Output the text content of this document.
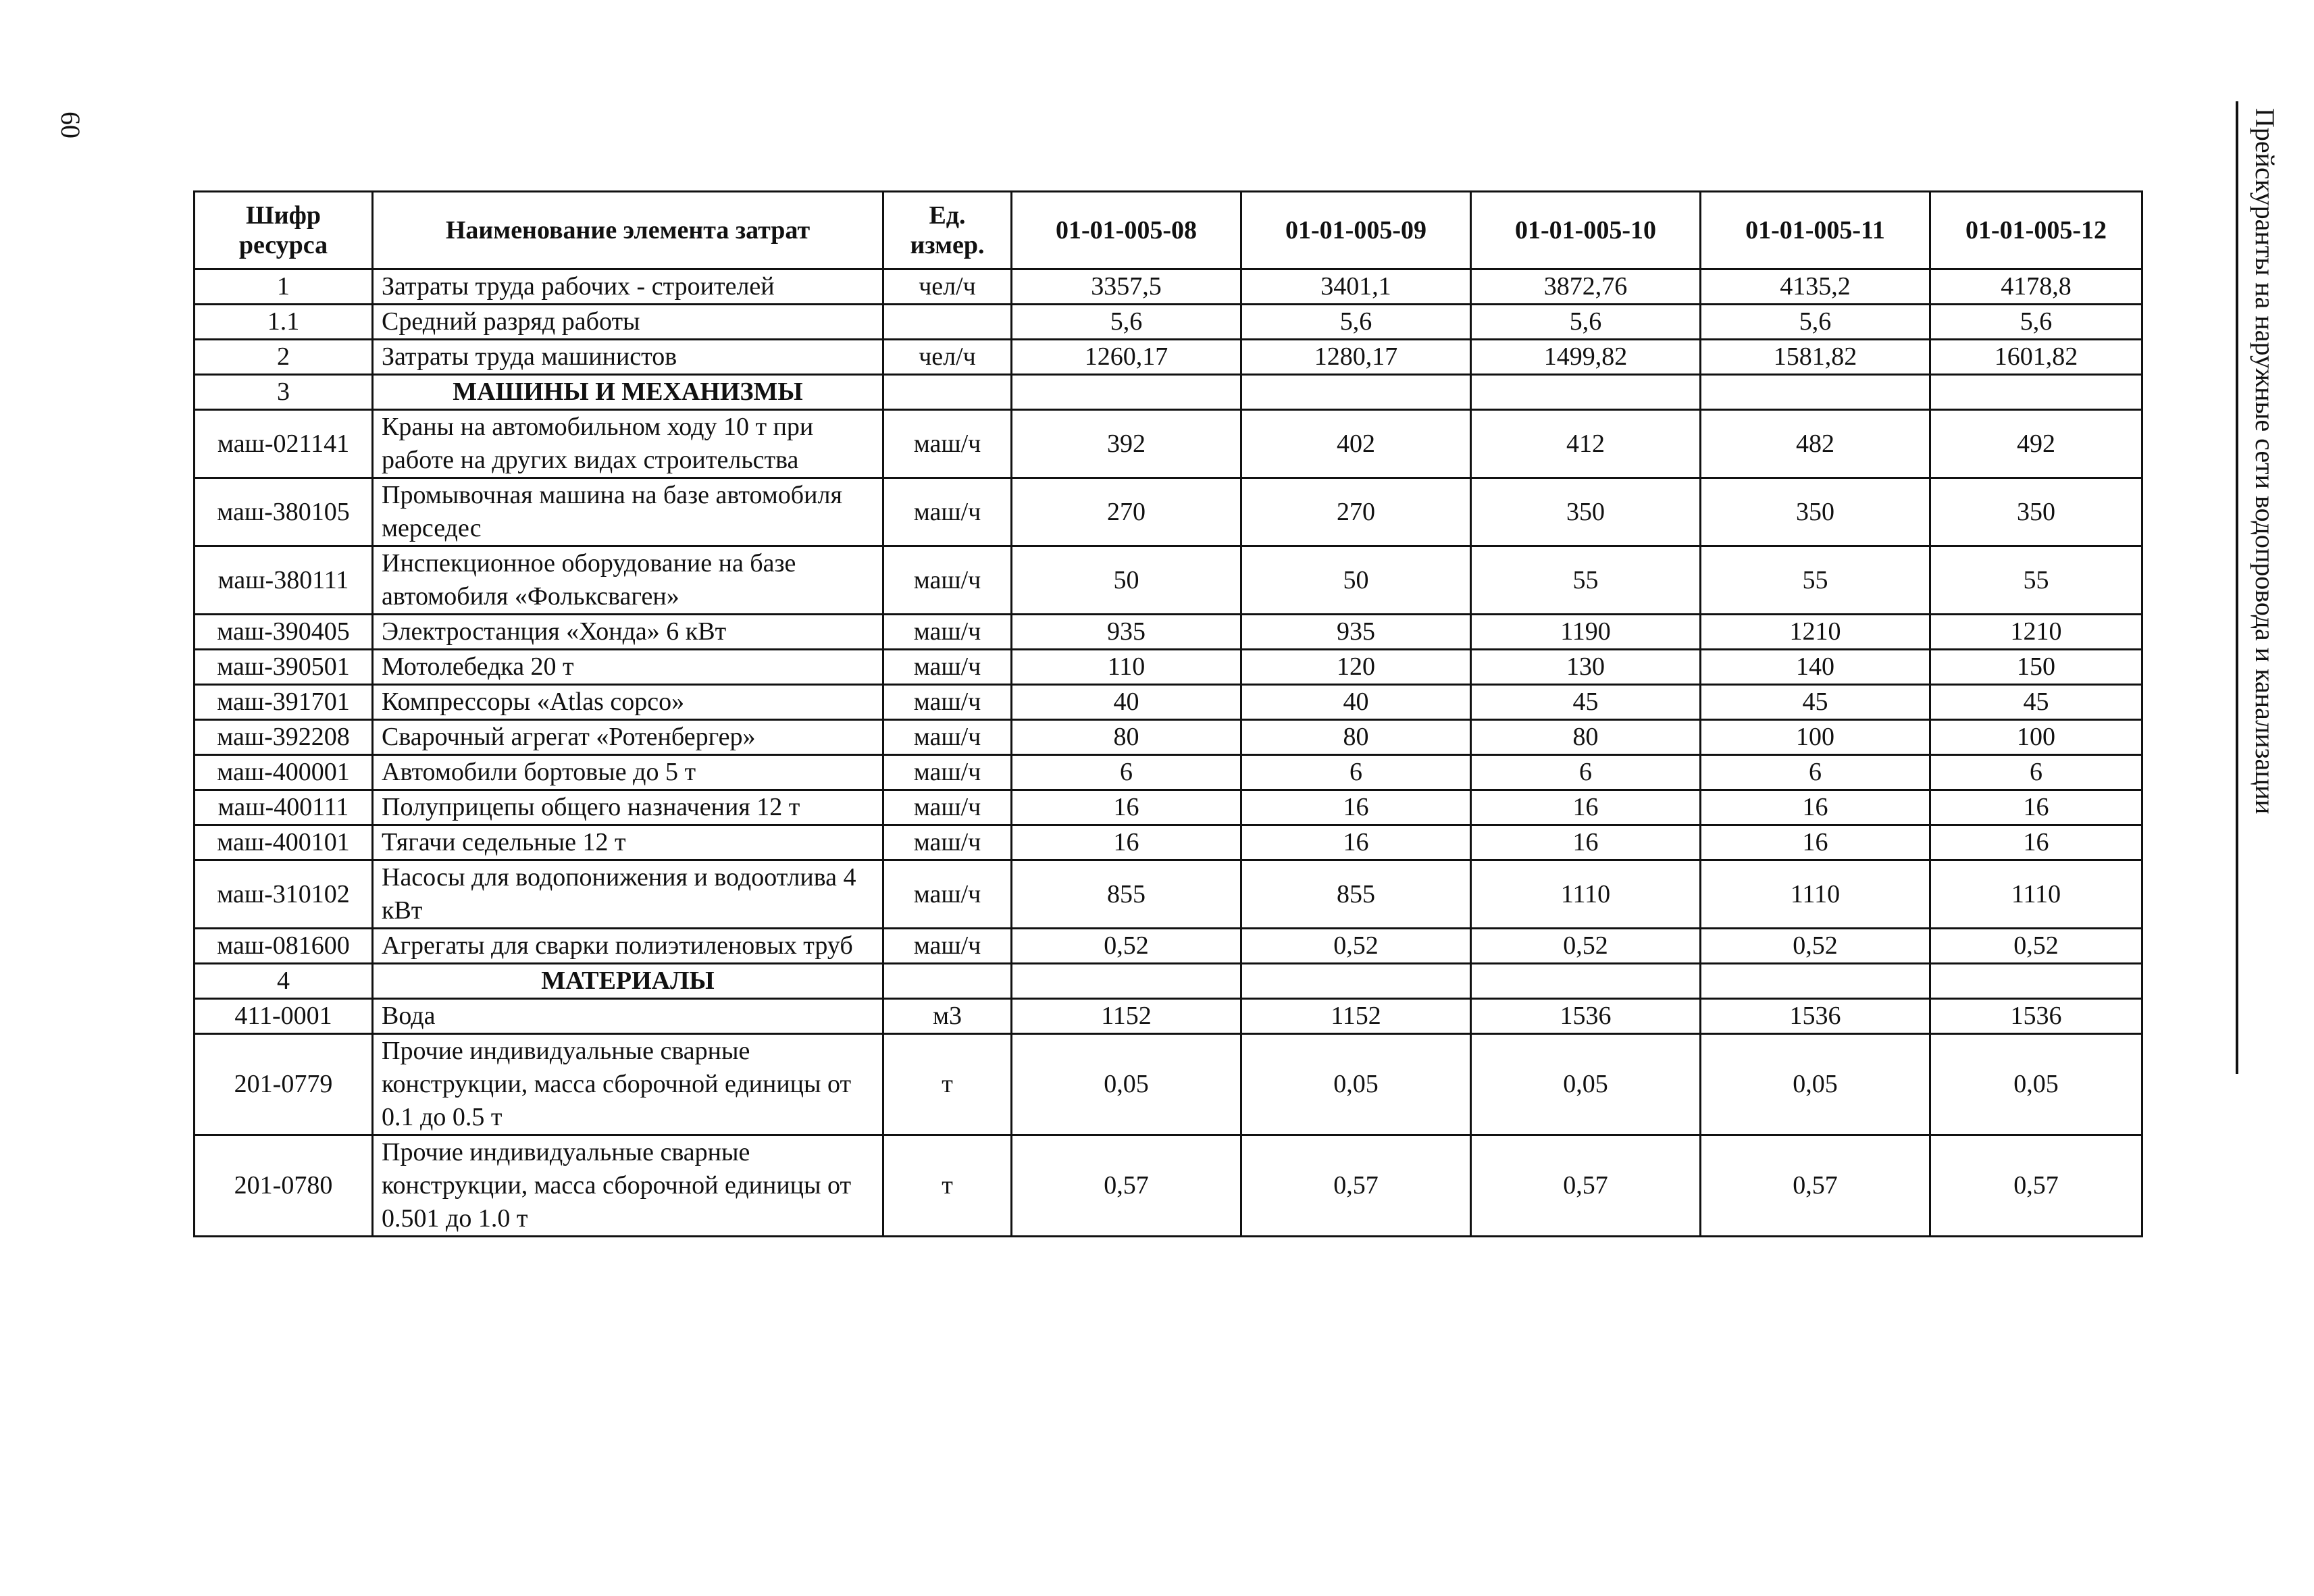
60	Прейскуранты на наружные сети водопровода и канализации
Шифр ресурса	Наименование элемента затрат	Ед. измер.	01-01-005-08	01-01-005-09	01-01-005-10	01-01-005-11	01-01-005-12
1	Затраты труда рабочих - строителей	чел/ч	3357,5	3401,1	3872,76	4135,2	4178,8
1.1	Средний разряд работы		5,6	5,6	5,6	5,6	5,6
2	Затраты труда машинистов	чел/ч	1260,17	1280,17	1499,82	1581,82	1601,82
3	МАШИНЫ И МЕХАНИЗМЫ						
маш-021141	Краны на автомобильном ходу 10 т при работе на других видах строительства	маш/ч	392	402	412	482	492
маш-380105	Промывочная машина на базе автомобиля мерседес	маш/ч	270	270	350	350	350
маш-380111	Инспекционное оборудование на базе автомобиля «Фольксваген»	маш/ч	50	50	55	55	55
маш-390405	Электростанция «Хонда» 6 кВт	маш/ч	935	935	1190	1210	1210
маш-390501	Мотолебедка 20 т	маш/ч	110	120	130	140	150
маш-391701	Компрессоры «Atlas copco»	маш/ч	40	40	45	45	45
маш-392208	Сварочный агрегат «Ротенбергер»	маш/ч	80	80	80	100	100
маш-400001	Автомобили бортовые до 5 т	маш/ч	6	6	6	6	6
маш-400111	Полуприцепы общего назначения 12 т	маш/ч	16	16	16	16	16
маш-400101	Тягачи седельные 12 т	маш/ч	16	16	16	16	16
маш-310102	Насосы для водопонижения и водоотлива 4 кВт	маш/ч	855	855	1110	1110	1110
маш-081600	Агрегаты для сварки полиэтиленовых труб	маш/ч	0,52	0,52	0,52	0,52	0,52
4	МАТЕРИАЛЫ						
411-0001	Вода	м3	1152	1152	1536	1536	1536
201-0779	Прочие индивидуальные сварные конструкции, масса сборочной единицы от 0.1 до 0.5 т	т	0,05	0,05	0,05	0,05	0,05
201-0780	Прочие индивидуальные сварные конструкции, масса сборочной единицы от 0.501 до 1.0 т	т	0,57	0,57	0,57	0,57	0,57
